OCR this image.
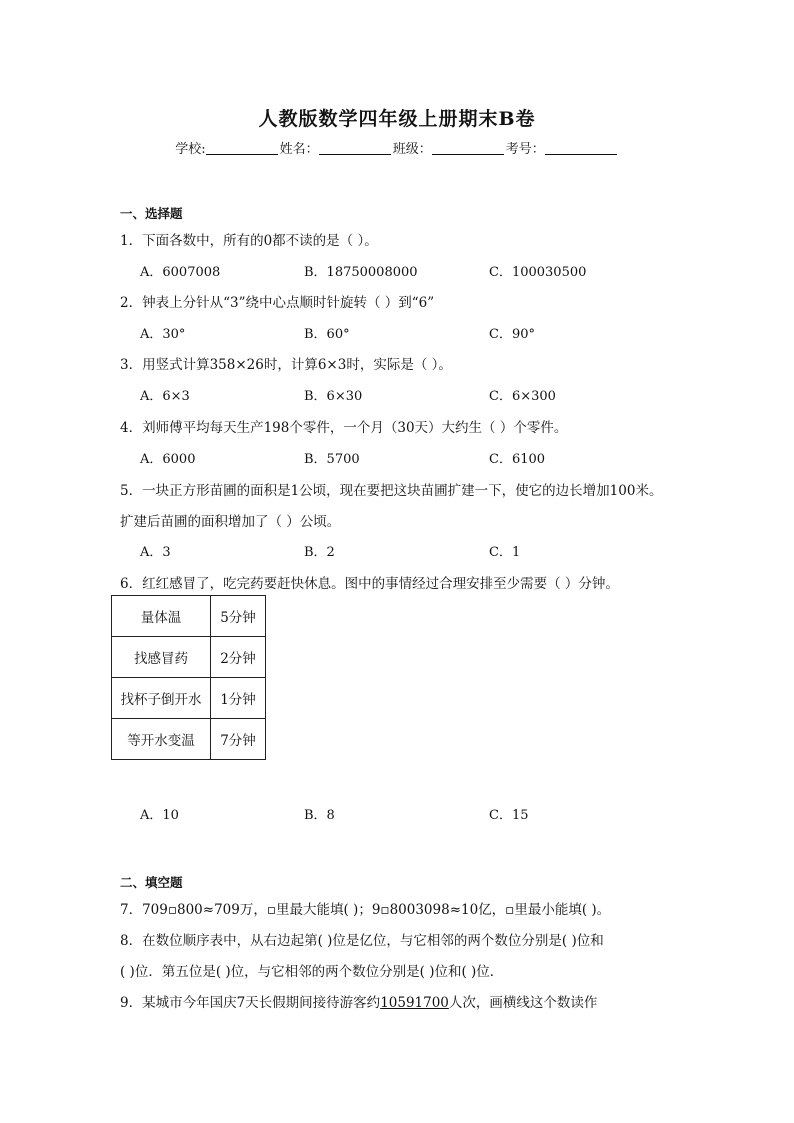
人教版数学四年级上册期末B卷
学校:	姓名：	班级：	考号：
一、选择题
1．下面各数中，所有的0都不读的是（ ）。
A．6007008	B．18750008000	C．100030500
2．钟表上分针从“3”绕中心点顺时针旋转（ ）到“6”
A．30°	B．60°	C．90°
3．用竖式计算358×26时，计算6×3时，实际是（ ）。
A．6×3	B．6×30	C．6×300
4．刘师傅平均每天生产198个零件，一个月（30天）大约生（ ）个零件。
A．6000	B．5700	C．6100
5．一块正方形苗圃的面积是1公顷，现在要把这块苗圃扩建一下，使它的边长增加100米。
扩建后苗圃的面积增加了（ ）公顷。
A．3	B．2	C．1
6．红红感冒了，吃完药要赶快休息。图中的事情经过合理安排至少需要（ ）分钟。
量体温	5分钟
找感冒药	2分钟
找杯子倒开水	1分钟
等开水变温	7分钟
A．10	B．8	C．15
二、填空题
7．709▫800≈709万，▫里最大能填( )；9▫8003098≈10亿，▫里最小能填( )。
8．在数位顺序表中，从右边起第( )位是亿位，与它相邻的两个数位分别是( )位和
( )位．第五位是( )位，与它相邻的两个数位分别是( )位和( )位．
9．某城市今年国庆7天长假期间接待游客约10591700人次，画横线这个数读作
